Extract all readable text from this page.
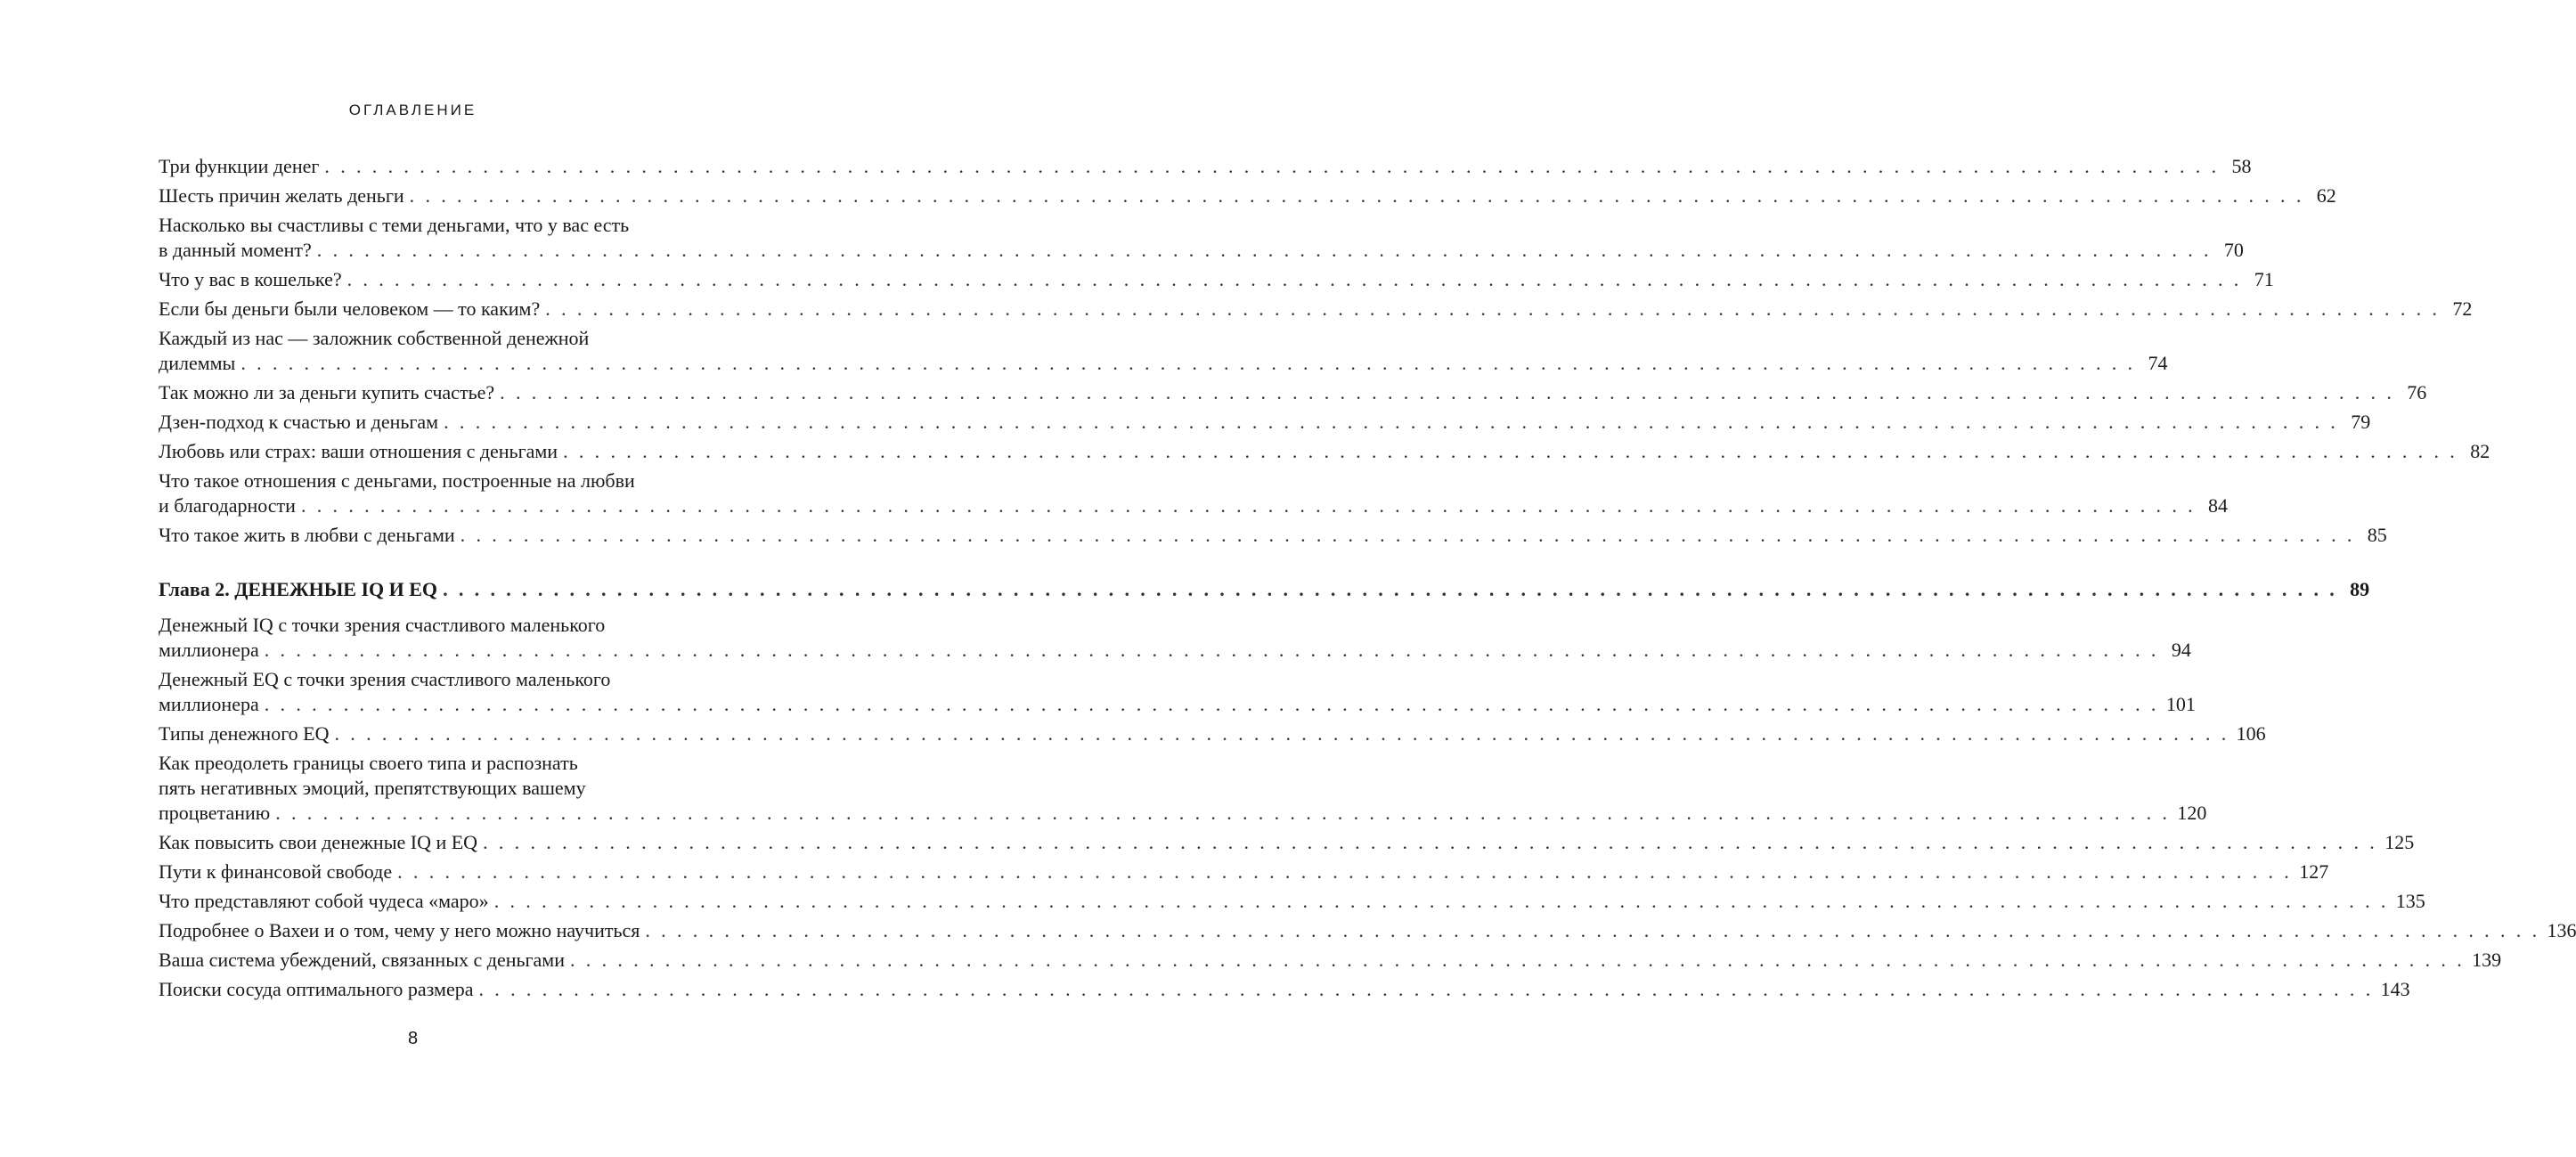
ОГЛАВЛЕНИЕ
Три функции денег . . . . . . . . . . . . . . . . . . . . . . . . . . . . . . . . . . . . . . . . . . . . . . . . . . . . . . . . . . . . . . . . . . . . . . . . . . . . . . . . . . . . . . . . . . . . . . . . . . . . . . . . . . . . . . . . . . . . . . . . 58
Шесть причин желать деньги . . . . . . . . . . . . . . . . . . . . . . . . . . . . . . . . . . . . . . . . . . . . . . . . . . . . . . . . . . . . . . . . . . . . . . . . . . . . . . . . . . . . . . . . . . . . . . . . . . . . . . . . . . . . . . . . . . . . . . . . 62
Насколько вы счастливы с теми деньгами, что у вас есть
в данный момент? . . . . . . . . . . . . . . . . . . . . . . . . . . . . . . . . . . . . . . . . . . . . . . . . . . . . . . . . . . . . . . . . . . . . . . . . . . . . . . . . . . . . . . . . . . . . . . . . . . . . . . . . . . . . . . . . . . . . . . . . 70
Что у вас в кошельке? . . . . . . . . . . . . . . . . . . . . . . . . . . . . . . . . . . . . . . . . . . . . . . . . . . . . . . . . . . . . . . . . . . . . . . . . . . . . . . . . . . . . . . . . . . . . . . . . . . . . . . . . . . . . . . . . . . . . . . . . 71
Если бы деньги были человеком — то каким? . . . . . . . . . . . . . . . . . . . . . . . . . . . . . . . . . . . . . . . . . . . . . . . . . . . . . . . . . . . . . . . . . . . . . . . . . . . . . . . . . . . . . . . . . . . . . . . . . . . . . . . . . . . . . . . . . . . . . . . . 72
Каждый из нас — заложник собственной денежной
дилеммы . . . . . . . . . . . . . . . . . . . . . . . . . . . . . . . . . . . . . . . . . . . . . . . . . . . . . . . . . . . . . . . . . . . . . . . . . . . . . . . . . . . . . . . . . . . . . . . . . . . . . . . . . . . . . . . . . . . . . . . . 74
Так можно ли за деньги купить счастье? . . . . . . . . . . . . . . . . . . . . . . . . . . . . . . . . . . . . . . . . . . . . . . . . . . . . . . . . . . . . . . . . . . . . . . . . . . . . . . . . . . . . . . . . . . . . . . . . . . . . . . . . . . . . . . . . . . . . . . . . 76
Дзен-подход к счастью и деньгам . . . . . . . . . . . . . . . . . . . . . . . . . . . . . . . . . . . . . . . . . . . . . . . . . . . . . . . . . . . . . . . . . . . . . . . . . . . . . . . . . . . . . . . . . . . . . . . . . . . . . . . . . . . . . . . . . . . . . . . . 79
Любовь или страх: ваши отношения с деньгами . . . . . . . . . . . . . . . . . . . . . . . . . . . . . . . . . . . . . . . . . . . . . . . . . . . . . . . . . . . . . . . . . . . . . . . . . . . . . . . . . . . . . . . . . . . . . . . . . . . . . . . . . . . . . . . . . . . . . . . . 82
Что такое отношения с деньгами, построенные на любви
и благодарности . . . . . . . . . . . . . . . . . . . . . . . . . . . . . . . . . . . . . . . . . . . . . . . . . . . . . . . . . . . . . . . . . . . . . . . . . . . . . . . . . . . . . . . . . . . . . . . . . . . . . . . . . . . . . . . . . . . . . . . . 84
Что такое жить в любви с деньгами . . . . . . . . . . . . . . . . . . . . . . . . . . . . . . . . . . . . . . . . . . . . . . . . . . . . . . . . . . . . . . . . . . . . . . . . . . . . . . . . . . . . . . . . . . . . . . . . . . . . . . . . . . . . . . . . . . . . . . . . 85
Глава 2. ДЕНЕЖНЫЕ IQ И EQ . . . . . . . . . . . . . . . . . . . . . . . . . . . . . . . . . . . . . . . . . . . . . . . . . . . . . . . . . . . . . . . . . . . . . . . . . . . . . . . . . . . . . . . . . . . . . . . . . . . . . . . . . . . . . . . . . . . . . . . . 89
Денежный IQ с точки зрения счастливого маленького
миллионера . . . . . . . . . . . . . . . . . . . . . . . . . . . . . . . . . . . . . . . . . . . . . . . . . . . . . . . . . . . . . . . . . . . . . . . . . . . . . . . . . . . . . . . . . . . . . . . . . . . . . . . . . . . . . . . . . . . . . . . . 94
Денежный EQ с точки зрения счастливого маленького
миллионера . . . . . . . . . . . . . . . . . . . . . . . . . . . . . . . . . . . . . . . . . . . . . . . . . . . . . . . . . . . . . . . . . . . . . . . . . . . . . . . . . . . . . . . . . . . . . . . . . . . . . . . . . . . . . . . . . . . . . . . . 101
Типы денежного EQ . . . . . . . . . . . . . . . . . . . . . . . . . . . . . . . . . . . . . . . . . . . . . . . . . . . . . . . . . . . . . . . . . . . . . . . . . . . . . . . . . . . . . . . . . . . . . . . . . . . . . . . . . . . . . . . . . . . . . . . . 106
Как преодолеть границы своего типа и распознать
пять негативных эмоций, препятствующих вашему
процветанию . . . . . . . . . . . . . . . . . . . . . . . . . . . . . . . . . . . . . . . . . . . . . . . . . . . . . . . . . . . . . . . . . . . . . . . . . . . . . . . . . . . . . . . . . . . . . . . . . . . . . . . . . . . . . . . . . . . . . . . . 120
Как повысить свои денежные IQ и EQ . . . . . . . . . . . . . . . . . . . . . . . . . . . . . . . . . . . . . . . . . . . . . . . . . . . . . . . . . . . . . . . . . . . . . . . . . . . . . . . . . . . . . . . . . . . . . . . . . . . . . . . . . . . . . . . . . . . . . . . . 125
Пути к финансовой свободе . . . . . . . . . . . . . . . . . . . . . . . . . . . . . . . . . . . . . . . . . . . . . . . . . . . . . . . . . . . . . . . . . . . . . . . . . . . . . . . . . . . . . . . . . . . . . . . . . . . . . . . . . . . . . . . . . . . . . . . . 127
Что представляют собой чудеса «маро» . . . . . . . . . . . . . . . . . . . . . . . . . . . . . . . . . . . . . . . . . . . . . . . . . . . . . . . . . . . . . . . . . . . . . . . . . . . . . . . . . . . . . . . . . . . . . . . . . . . . . . . . . . . . . . . . . . . . . . . . 135
Подробнее о Вахеи и о том, чему у него можно научиться . . . . . . . . . . . . . . . . . . . . . . . . . . . . . . . . . . . . . . . . . . . . . . . . . . . . . . . . . . . . . . . . . . . . . . . . . . . . . . . . . . . . . . . . . . . . . . . . . . . . . . . . . . . . . . . . . . . . . . . . 136
Ваша система убеждений, связанных с деньгами . . . . . . . . . . . . . . . . . . . . . . . . . . . . . . . . . . . . . . . . . . . . . . . . . . . . . . . . . . . . . . . . . . . . . . . . . . . . . . . . . . . . . . . . . . . . . . . . . . . . . . . . . . . . . . . . . . . . . . . . 139
Поиски сосуда оптимального размера . . . . . . . . . . . . . . . . . . . . . . . . . . . . . . . . . . . . . . . . . . . . . . . . . . . . . . . . . . . . . . . . . . . . . . . . . . . . . . . . . . . . . . . . . . . . . . . . . . . . . . . . . . . . . . . . . . . . . . . . 143
8
